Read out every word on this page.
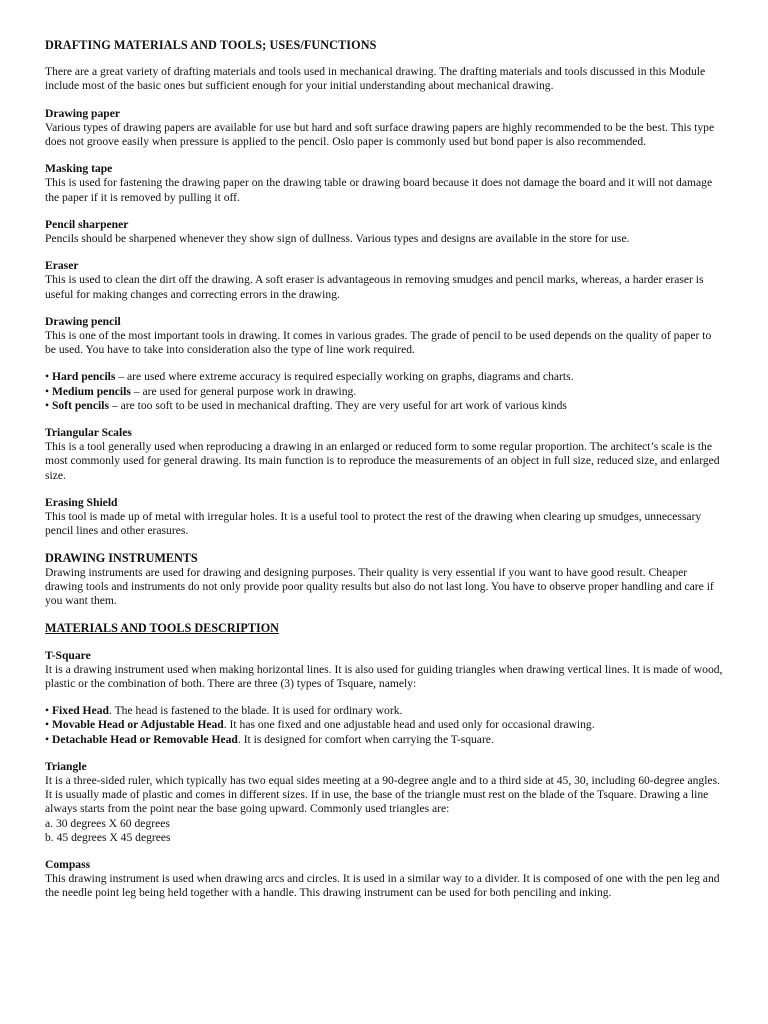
DRAFTING MATERIALS AND TOOLS; USES/FUNCTIONS
There are a great variety of drafting materials and tools used in mechanical drawing. The drafting materials and tools discussed in this Module include most of the basic ones but sufficient enough for your initial understanding about mechanical drawing.
Drawing paper
Various types of drawing papers are available for use but hard and soft surface drawing papers are highly recommended to be the best. This type does not groove easily when pressure is applied to the pencil. Oslo paper is commonly used but bond paper is also recommended.
Masking tape
This is used for fastening the drawing paper on the drawing table or drawing board because it does not damage the board and it will not damage the paper if it is removed by pulling it off.
Pencil sharpener
Pencils should be sharpened whenever they show sign of dullness. Various types and designs are available in the store for use.
Eraser
This is used to clean the dirt off the drawing. A soft eraser is advantageous in removing smudges and pencil marks, whereas, a harder eraser is useful for making changes and correcting errors in the drawing.
Drawing pencil
This is one of the most important tools in drawing. It comes in various grades. The grade of pencil to be used depends on the quality of paper to be used. You have to take into consideration also the type of line work required.
• Hard pencils – are used where extreme accuracy is required especially working on graphs, diagrams and charts.
• Medium pencils – are used for general purpose work in drawing.
• Soft pencils – are too soft to be used in mechanical drafting. They are very useful for art work of various kinds
Triangular Scales
This is a tool generally used when reproducing a drawing in an enlarged or reduced form to some regular proportion. The architect’s scale is the most commonly used for general drawing. Its main function is to reproduce the measurements of an object in full size, reduced size, and enlarged size.
Erasing Shield
This tool is made up of metal with irregular holes. It is a useful tool to protect the rest of the drawing when clearing up smudges, unnecessary pencil lines and other erasures.
DRAWING INSTRUMENTS
Drawing instruments are used for drawing and designing purposes. Their quality is very essential if you want to have good result. Cheaper drawing tools and instruments do not only provide poor quality results but also do not last long. You have to observe proper handling and care if you want them.
MATERIALS AND TOOLS DESCRIPTION
T-Square
It is a drawing instrument used when making horizontal lines. It is also used for guiding triangles when drawing vertical lines. It is made of wood, plastic or the combination of both. There are three (3) types of Tsquare, namely:
• Fixed Head. The head is fastened to the blade. It is used for ordinary work.
• Movable Head or Adjustable Head. It has one fixed and one adjustable head and used only for occasional drawing.
• Detachable Head or Removable Head. It is designed for comfort when carrying the T-square.
Triangle
It is a three-sided ruler, which typically has two equal sides meeting at a 90-degree angle and to a third side at 45, 30, including 60-degree angles. It is usually made of plastic and comes in different sizes. If in use, the base of the triangle must rest on the blade of the Tsquare. Drawing a line always starts from the point near the base going upward. Commonly used triangles are:
a. 30 degrees X 60 degrees
b. 45 degrees X 45 degrees
Compass
This drawing instrument is used when drawing arcs and circles. It is used in a similar way to a divider. It is composed of one with the pen leg and the needle point leg being held together with a handle. This drawing instrument can be used for both penciling and inking.
